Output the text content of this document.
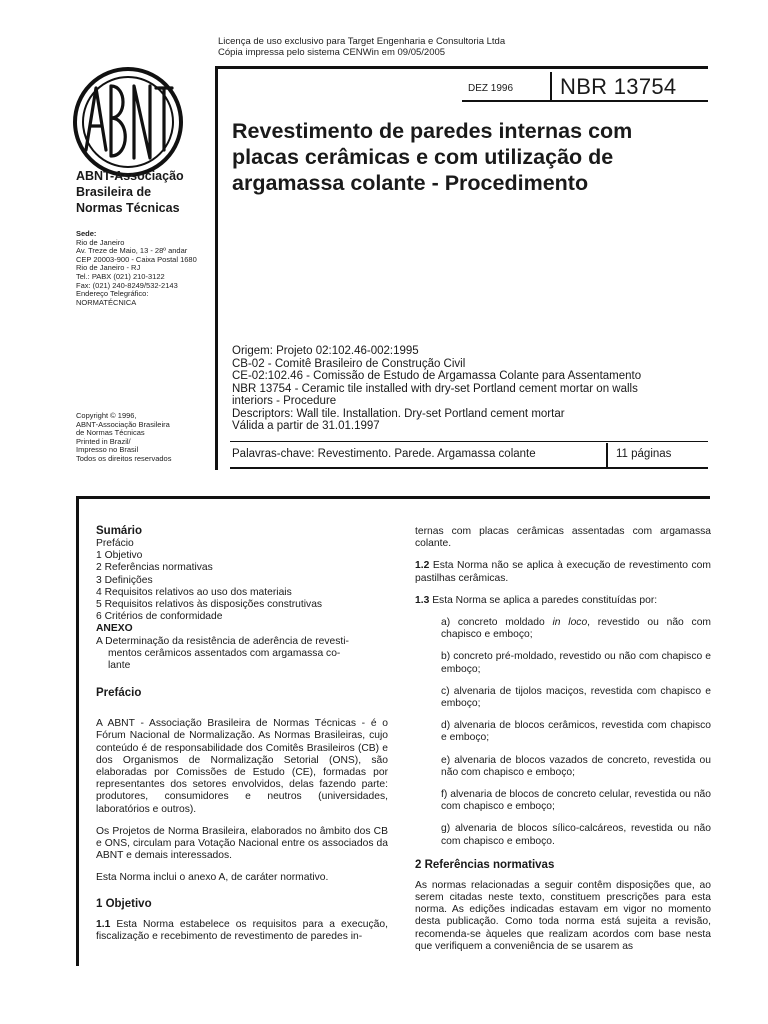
Licença de uso exclusivo para Target Engenharia e Consultoria Ltda
Cópia impressa pelo sistema CENWin em 09/05/2005
ABNT-Associação
Brasileira de
Normas Técnicas
Sede:
Rio de Janeiro
Av. Treze de Maio, 13 - 28º andar
CEP 20003-900 - Caixa Postal 1680
Rio de Janeiro - RJ
Tel.: PABX (021) 210-3122
Fax: (021) 240-8249/532-2143
Endereço Telegráfico:
NORMATÉCNICA
Copyright © 1996,
ABNT-Associação Brasileira
de Normas Técnicas
Printed in Brazil/
Impresso no Brasil
Todos os direitos reservados
DEZ 1996	NBR 13754
Revestimento de paredes internas com
placas cerâmicas e com utilização de
argamassa colante - Procedimento
Origem: Projeto 02:102.46-002:1995
CB-02 - Comitê Brasileiro de Construção Civil
CE-02:102.46 - Comissão de Estudo de Argamassa Colante para Assentamento
NBR 13754 - Ceramic tile installed with dry-set Portland cement mortar on walls
interiors - Procedure
Descriptors: Wall tile. Installation. Dry-set Portland cement mortar
Válida a partir de 31.01.1997
Palavras-chave: Revestimento. Parede. Argamassa colante	11 páginas
Sumário
Prefácio
1 Objetivo
2 Referências normativas
3 Definições
4 Requisitos relativos ao uso dos materiais
5 Requisitos relativos às disposições construtivas
6 Critérios de conformidade
ANEXO
A Determinação da resistência de aderência de revesti-
mentos cerâmicos assentados com argamassa co-
lante
Prefácio
A ABNT - Associação Brasileira de Normas Técnicas - é o Fórum Nacional de Normalização. As Normas Brasileiras, cujo conteúdo é de responsabilidade dos Comitês Brasileiros (CB) e dos Organismos de Normalização Setorial (ONS), são elaboradas por Comissões de Estudo (CE), formadas por representantes dos setores envolvidos, delas fazendo parte: produtores, consumidores e neutros (universidades, laboratórios e outros).
Os Projetos de Norma Brasileira, elaborados no âmbito dos CB e ONS, circulam para Votação Nacional entre os associados da ABNT e demais interessados.
Esta Norma inclui o anexo A, de caráter normativo.
1 Objetivo
1.1 Esta Norma estabelece os requisitos para a execução, fiscalização e recebimento de revestimento de paredes in-
ternas com placas cerâmicas assentadas com argamassa colante.
1.2 Esta Norma não se aplica à execução de revestimento com pastilhas cerâmicas.
1.3 Esta Norma se aplica a paredes constituídas por:
a) concreto moldado in loco, revestido ou não com chapisco e emboço;
b) concreto pré-moldado, revestido ou não com chapisco e emboço;
c) alvenaria de tijolos maciços, revestida com chapisco e emboço;
d) alvenaria de blocos cerâmicos, revestida com chapisco e emboço;
e) alvenaria de blocos vazados de concreto, revestida ou não com chapisco e emboço;
f) alvenaria de blocos de concreto celular, revestida ou não com chapisco e emboço;
g) alvenaria de blocos sílico-calcáreos, revestida ou não com chapisco e emboço.
2 Referências normativas
As normas relacionadas a seguir contêm disposições que, ao serem citadas neste texto, constituem prescrições para esta norma. As edições indicadas estavam em vigor no momento desta publicação. Como toda norma está sujeita a revisão, recomenda-se àqueles que realizam acordos com base nesta que verifiquem a conveniência de se usarem as
